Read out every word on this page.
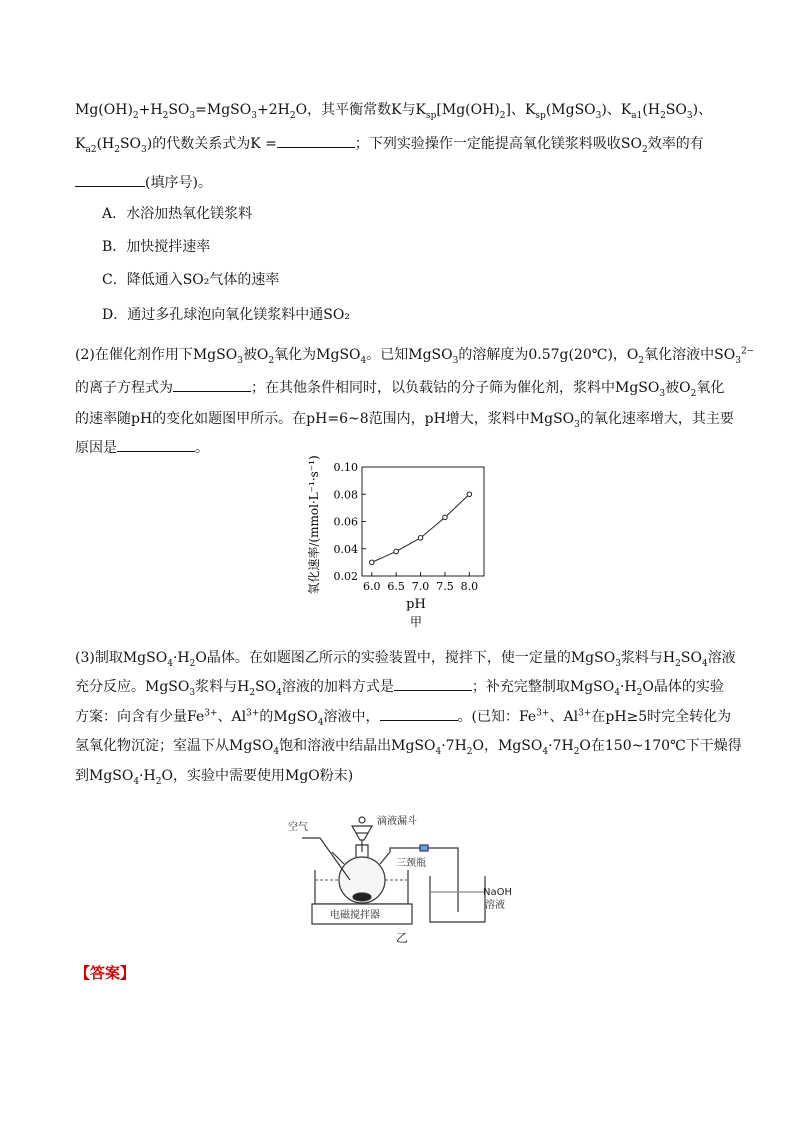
$Mg(OH)_2+H_2SO_3=MgSO_3+2H_2O$，其平衡常数K与$K_{sp}[Mg(OH)_2]$、$K_{sp}(MgSO_3)$、$K_{a1}(H_2SO_3)$、
$K_{a2}(H_2SO_3)$的代数关系式为K =	；下列实验操作一定能提高氧化镁浆料吸收$SO_2$效率的有
(填序号)。
A．水浴加热氧化镁浆料
B．加快搅拌速率
C．降低通入SO₂气体的速率
D．通过多孔球泡向氧化镁浆料中通SO₂
(2)在催化剂作用下MgSO$_3$被$O_2$氧化为MgSO$_4$。已知MgSO$_3$的溶解度为0.57g(20℃)，$O_2$氧化溶液中$SO_3^{2-}$
的离子方程式为	；在其他条件相同时，以负载钴的分子筛为催化剂，浆料中MgSO$_3$被$O_2$氧化
的速率随pH的变化如题图甲所示。在pH=6~8范围内，pH增大，浆料中MgSO$_3$的氧化速率增大，其主要
原因是	。
0.02
0.04
0.06
0.08
0.10
6.0 6.5 7.0 7.5 8.0
氧化速率/(mmol·L⁻¹·s⁻¹)
pH
甲
(3)制取$MgSO_4\cdot H_2O$晶体。在如题图乙所示的实验装置中，搅拌下，使一定量的MgSO$_3$浆料与$H_2SO_4$溶液
充分反应。MgSO$_3$浆料与$H_2SO_4$溶液的加料方式是	；补充完整制取$MgSO_4\cdot H_2O$晶体的实验
方案：向含有少量$Fe^{3+}$、$Al^{3+}$的MgSO$_4$溶液中，	。(已知：$Fe^{3+}$、$Al^{3+}$在pH≥5时完全转化为
氢氧化物沉淀；室温下从MgSO$_4$饱和溶液中结晶出$MgSO_4\cdot 7H_2O$，$MgSO_4\cdot 7H_2O$在150~170℃下干燥得
到$MgSO_4\cdot H_2O$，实验中需要使用MgO粉末)
空气
滴液漏斗
三颈瓶
NaOH
溶液
电磁搅拌器
乙
【答案】
